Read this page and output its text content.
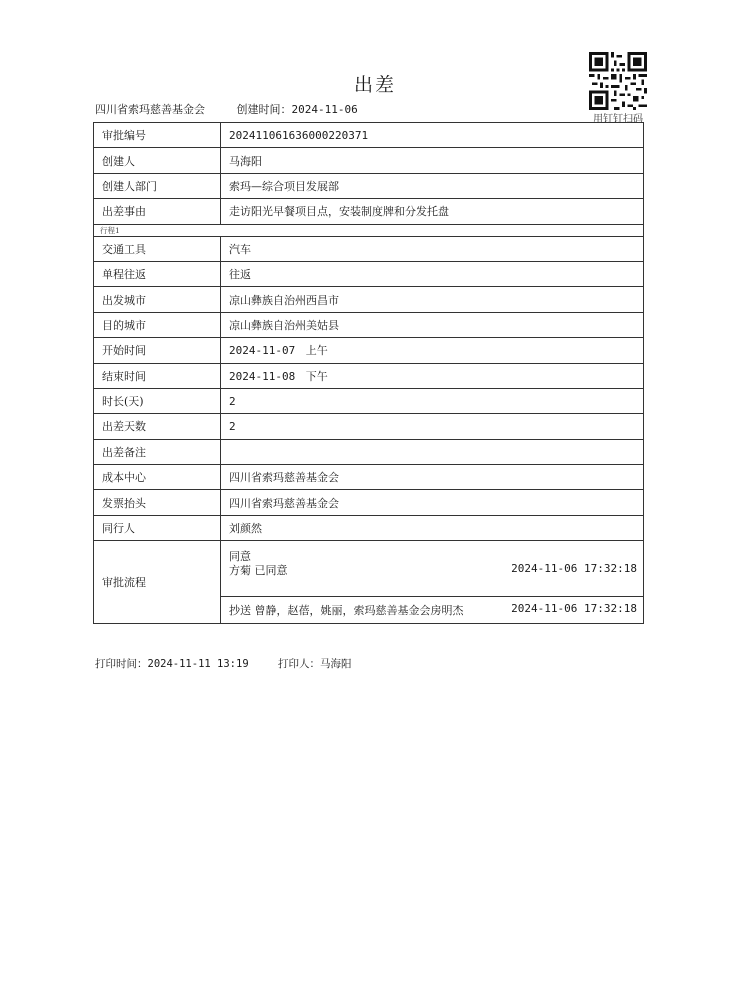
出差
四川省索玛慈善基金会	创建时间：2024-11-06
用钉钉扫码
审批编号	202411061636000220371
创建人	马海阳
创建人部门	索玛—综合项目发展部
出差事由	走访阳光早餐项目点，安装制度牌和分发托盘
行程1	
交通工具	汽车
单程往返	往返
出发城市	凉山彝族自治州西昌市
目的城市	凉山彝族自治州美姑县
开始时间	2024-11-07 上午
结束时间	2024-11-08 下午
时长(天)	2
出差天数	2
出差备注	
成本中心	四川省索玛慈善基金会
发票抬头	四川省索玛慈善基金会
同行人	刘颜然
审批流程	同意
方菊 已同意 2024-11-06 17:32:18

	抄送 曾静，赵蓓，姚丽，索玛慈善基金会房明杰 2024-11-06 17:32:18
打印时间：2024-11-11 13:19	打印人：马海阳
